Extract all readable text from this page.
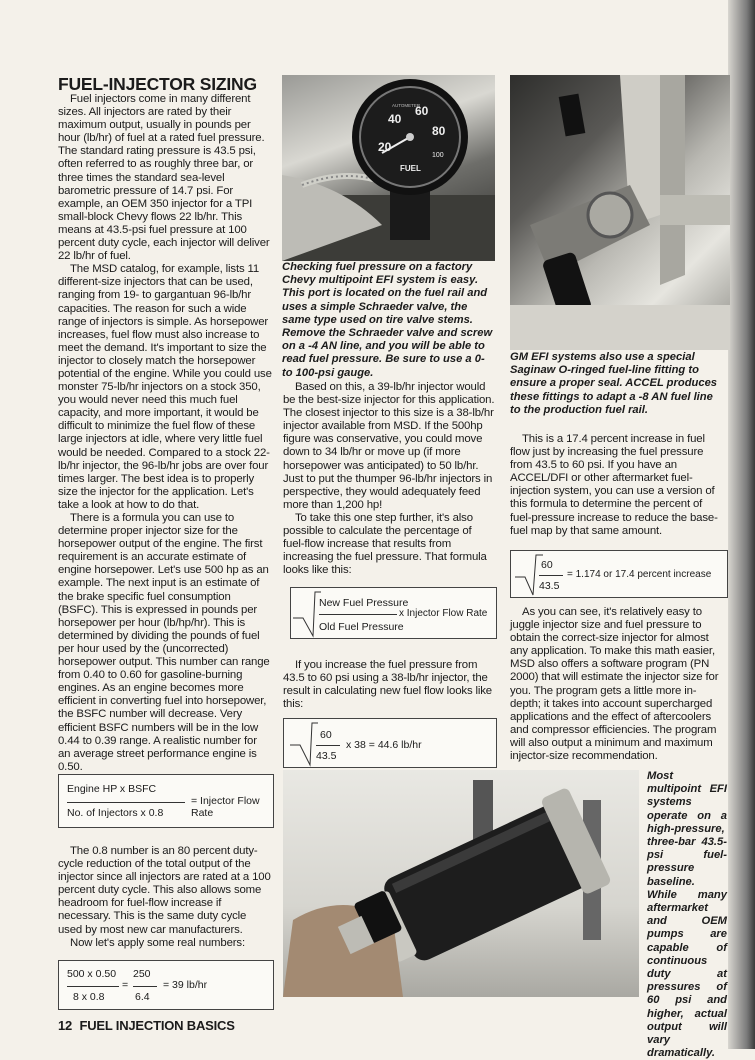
FUEL-INJECTOR SIZING

Fuel injectors come in many different sizes. All injectors are rated by their maximum output, usually in pounds per hour (lb/hr) of fuel at a rated fuel pressure. The standard rating pressure is 43.5 psi, often referred to as roughly three bar, or three times the standard sea-level barometric pressure of 14.7 psi. For example, an OEM 350 injector for a TPI small-block Chevy flows 22 lb/hr. This means at 43.5-psi fuel pressure at 100 percent duty cycle, each injector will deliver 22 lb/hr of fuel.

The MSD catalog, for example, lists 11 different-size injectors that can be used, ranging from 19- to gargantuan 96-lb/hr capacities. The reason for such a wide range of injectors is simple. As horsepower increases, fuel flow must also increase to meet the demand. It's important to size the injector to closely match the horsepower potential of the engine. While you could use monster 75-lb/hr injectors on a stock 350, you would never need this much fuel capacity, and more important, it would be difficult to minimize the fuel flow of these large injectors at idle, where very little fuel would be needed. Compared to a stock 22-lb/hr injector, the 96-lb/hr jobs are over four times larger. The best idea is to properly size the injector for the application. Let's take a look at how to do that.

There is a formula you can use to determine proper injector size for the horsepower output of the engine. The first requirement is an accurate estimate of engine horsepower. Let's use 500 hp as an example. The next input is an estimate of the brake specific fuel consumption (BSFC). This is expressed in pounds per horsepower per hour (lb/hp/hr). This is determined by dividing the pounds of fuel per hour used by the (uncorrected) horsepower output. This number can range from 0.40 to 0.60 for gasoline-burning engines. As an engine becomes more efficient in converting fuel into horsepower, the BSFC number will decrease. Very efficient BSFC numbers will be in the low 0.44 to 0.39 range. A realistic number for an average street performance engine is 0.50.

Engine HP x BSFC
No. of Injectors x 0.8
= Injector Flow Rate

The 0.8 number is an 80 percent duty-cycle reduction of the total output of the injector since all injectors are rated at a 100 percent duty cycle. This also allows some headroom for fuel-flow increase if necessary. This is the same duty cycle used by most new car manufacturers.

Now let's apply some real numbers:

500 x 0.50 250
=
8 x 0.8	6.4
= 39 lb/hr
20
40
60
80
100
AUTOMETER
FUEL
Checking fuel pressure on a factory Chevy multipoint EFI system is easy. This port is located on the fuel rail and uses a simple Schraeder valve, the same type used on tire valve stems. Remove the Schraeder valve and screw on a -4 AN line, and you will be able to read fuel pressure. Be sure to use a 0- to 100-psi gauge.

Based on this, a 39-lb/hr injector would be the best-size injector for this application. The closest injector to this size is a 38-lb/hr injector available from MSD. If the 500hp figure was conservative, you could move down to 34 lb/hr or move up (if more horsepower was anticipated) to 50 lb/hr. Just to put the thumper 96-lb/hr injectors in perspective, they would adequately feed more than 1,200 hp!

To take this one step further, it's also possible to calculate the percentage of fuel-flow increase that results from increasing the fuel pressure. That formula looks like this:

New Fuel Pressure
x Injector Flow Rate
Old Fuel Pressure

If you increase the fuel pressure from 43.5 to 60 psi using a 38-lb/hr injector, the result in calculating new fuel flow looks like this:

60
43.5
x 38 = 44.6 lb/hr
GM EFI systems also use a special Saginaw O-ringed fuel-line fitting to ensure a proper seal. ACCEL produces these fittings to adapt a -8 AN fuel line to the production fuel rail.

This is a 17.4 percent increase in fuel flow just by increasing the fuel pressure from 43.5 to 60 psi. If you have an ACCEL/DFI or other aftermarket fuel-injection system, you can use a version of this formula to determine the percent of fuel-pressure increase to reduce the base-fuel map by that same amount.

60
43.5
= 1.174 or 17.4 percent increase

As you can see, it's relatively easy to juggle injector size and fuel pressure to obtain the correct-size injector for almost any application. To make this math easier, MSD also offers a software program (PN 2000) that will estimate the injector size for you. The program gets a little more in-depth; it takes into account supercharged applications and the effect of aftercoolers and compressor efficiencies. The program will also output a minimum and maximum injector-size recommendation.

Most multipoint EFI systems operate on a high-pressure, three-bar 43.5-psi fuel-pressure baseline. While many aftermarket and OEM pumps are capable of continuous duty at pressures of 60 psi and higher, actual output will vary dramatically.
12 FUEL INJECTION BASICS
